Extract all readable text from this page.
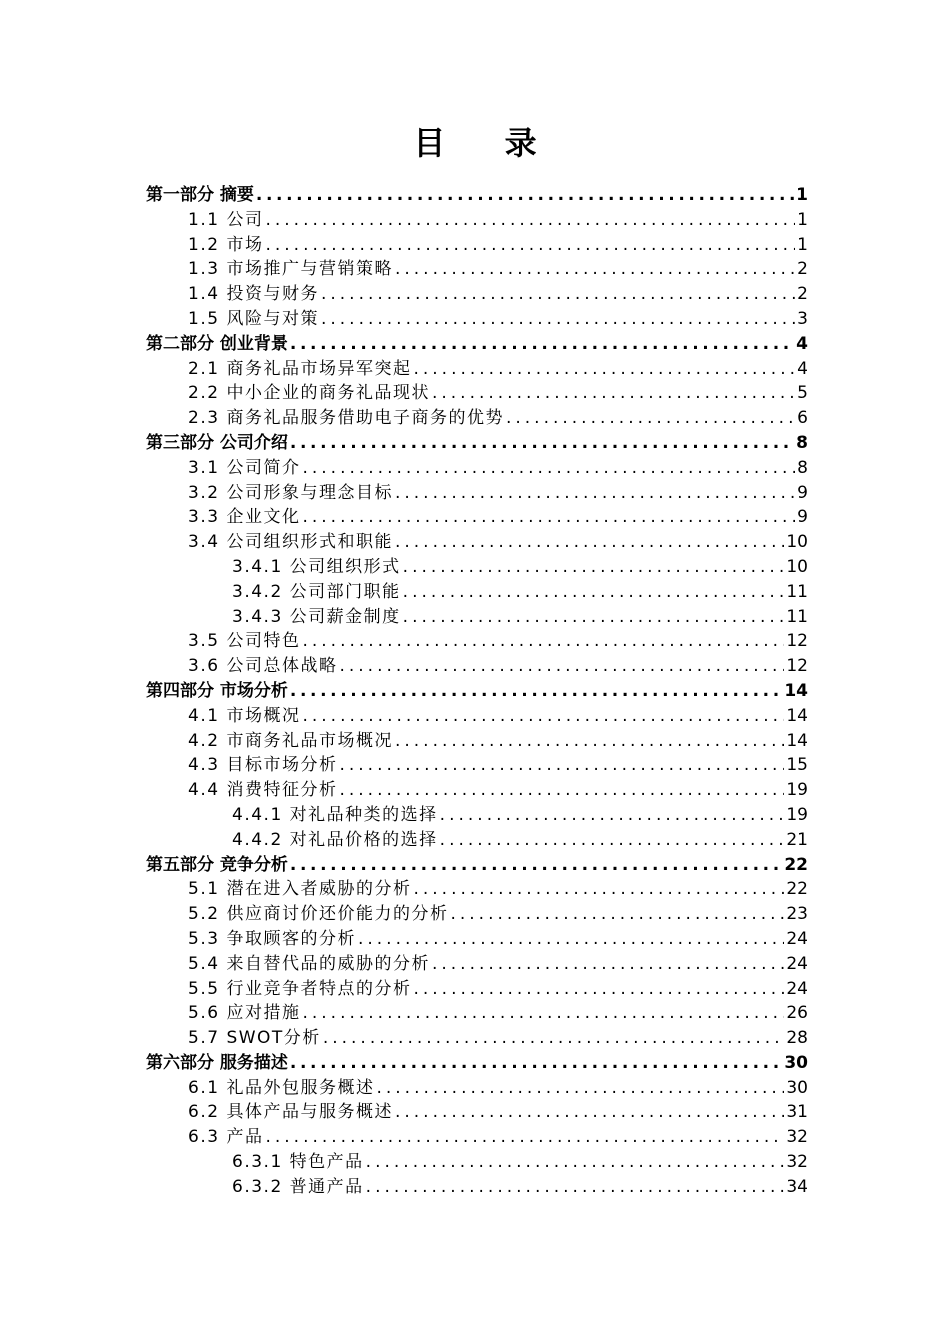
目 录
第一部分 摘要 .....	1
1.1 公司 .....	1
1.2 市场 .....	1
1.3 市场推广与营销策略 .....	2
1.4 投资与财务 .....	2
1.5 风险与对策 .....	3
第二部分 创业背景 .....	4
2.1 商务礼品市场异军突起 .....	4
2.2 中小企业的商务礼品现状 .....	5
2.3 商务礼品服务借助电子商务的优势 .....	6
第三部分 公司介绍 .....	8
3.1 公司简介 .....	8
3.2 公司形象与理念目标 .....	9
3.3 企业文化 .....	9
3.4 公司组织形式和职能 .....	10
3.4.1 公司组织形式 .....	10
3.4.2 公司部门职能 .....	11
3.4.3 公司薪金制度 .....	11
3.5 公司特色 .....	12
3.6 公司总体战略 .....	12
第四部分 市场分析 .....	14
4.1 市场概况 .....	14
4.2 市商务礼品市场概况 .....	14
4.3 目标市场分析 .....	15
4.4 消费特征分析 .....	19
4.4.1 对礼品种类的选择 .....	19
4.4.2 对礼品价格的选择 .....	21
第五部分 竞争分析 .....	22
5.1 潜在进入者威胁的分析 .....	22
5.2 供应商讨价还价能力的分析 .....	23
5.3 争取顾客的分析 .....	24
5.4 来自替代品的威胁的分析 .....	24
5.5 行业竞争者特点的分析 .....	24
5.6 应对措施 .....	26
5.7 SWOT分析 .....	28
第六部分 服务描述 .....	30
6.1 礼品外包服务概述 .....	30
6.2 具体产品与服务概述 .....	31
6.3 产品 .....	32
6.3.1 特色产品 .....	32
6.3.2 普通产品 .....	34
